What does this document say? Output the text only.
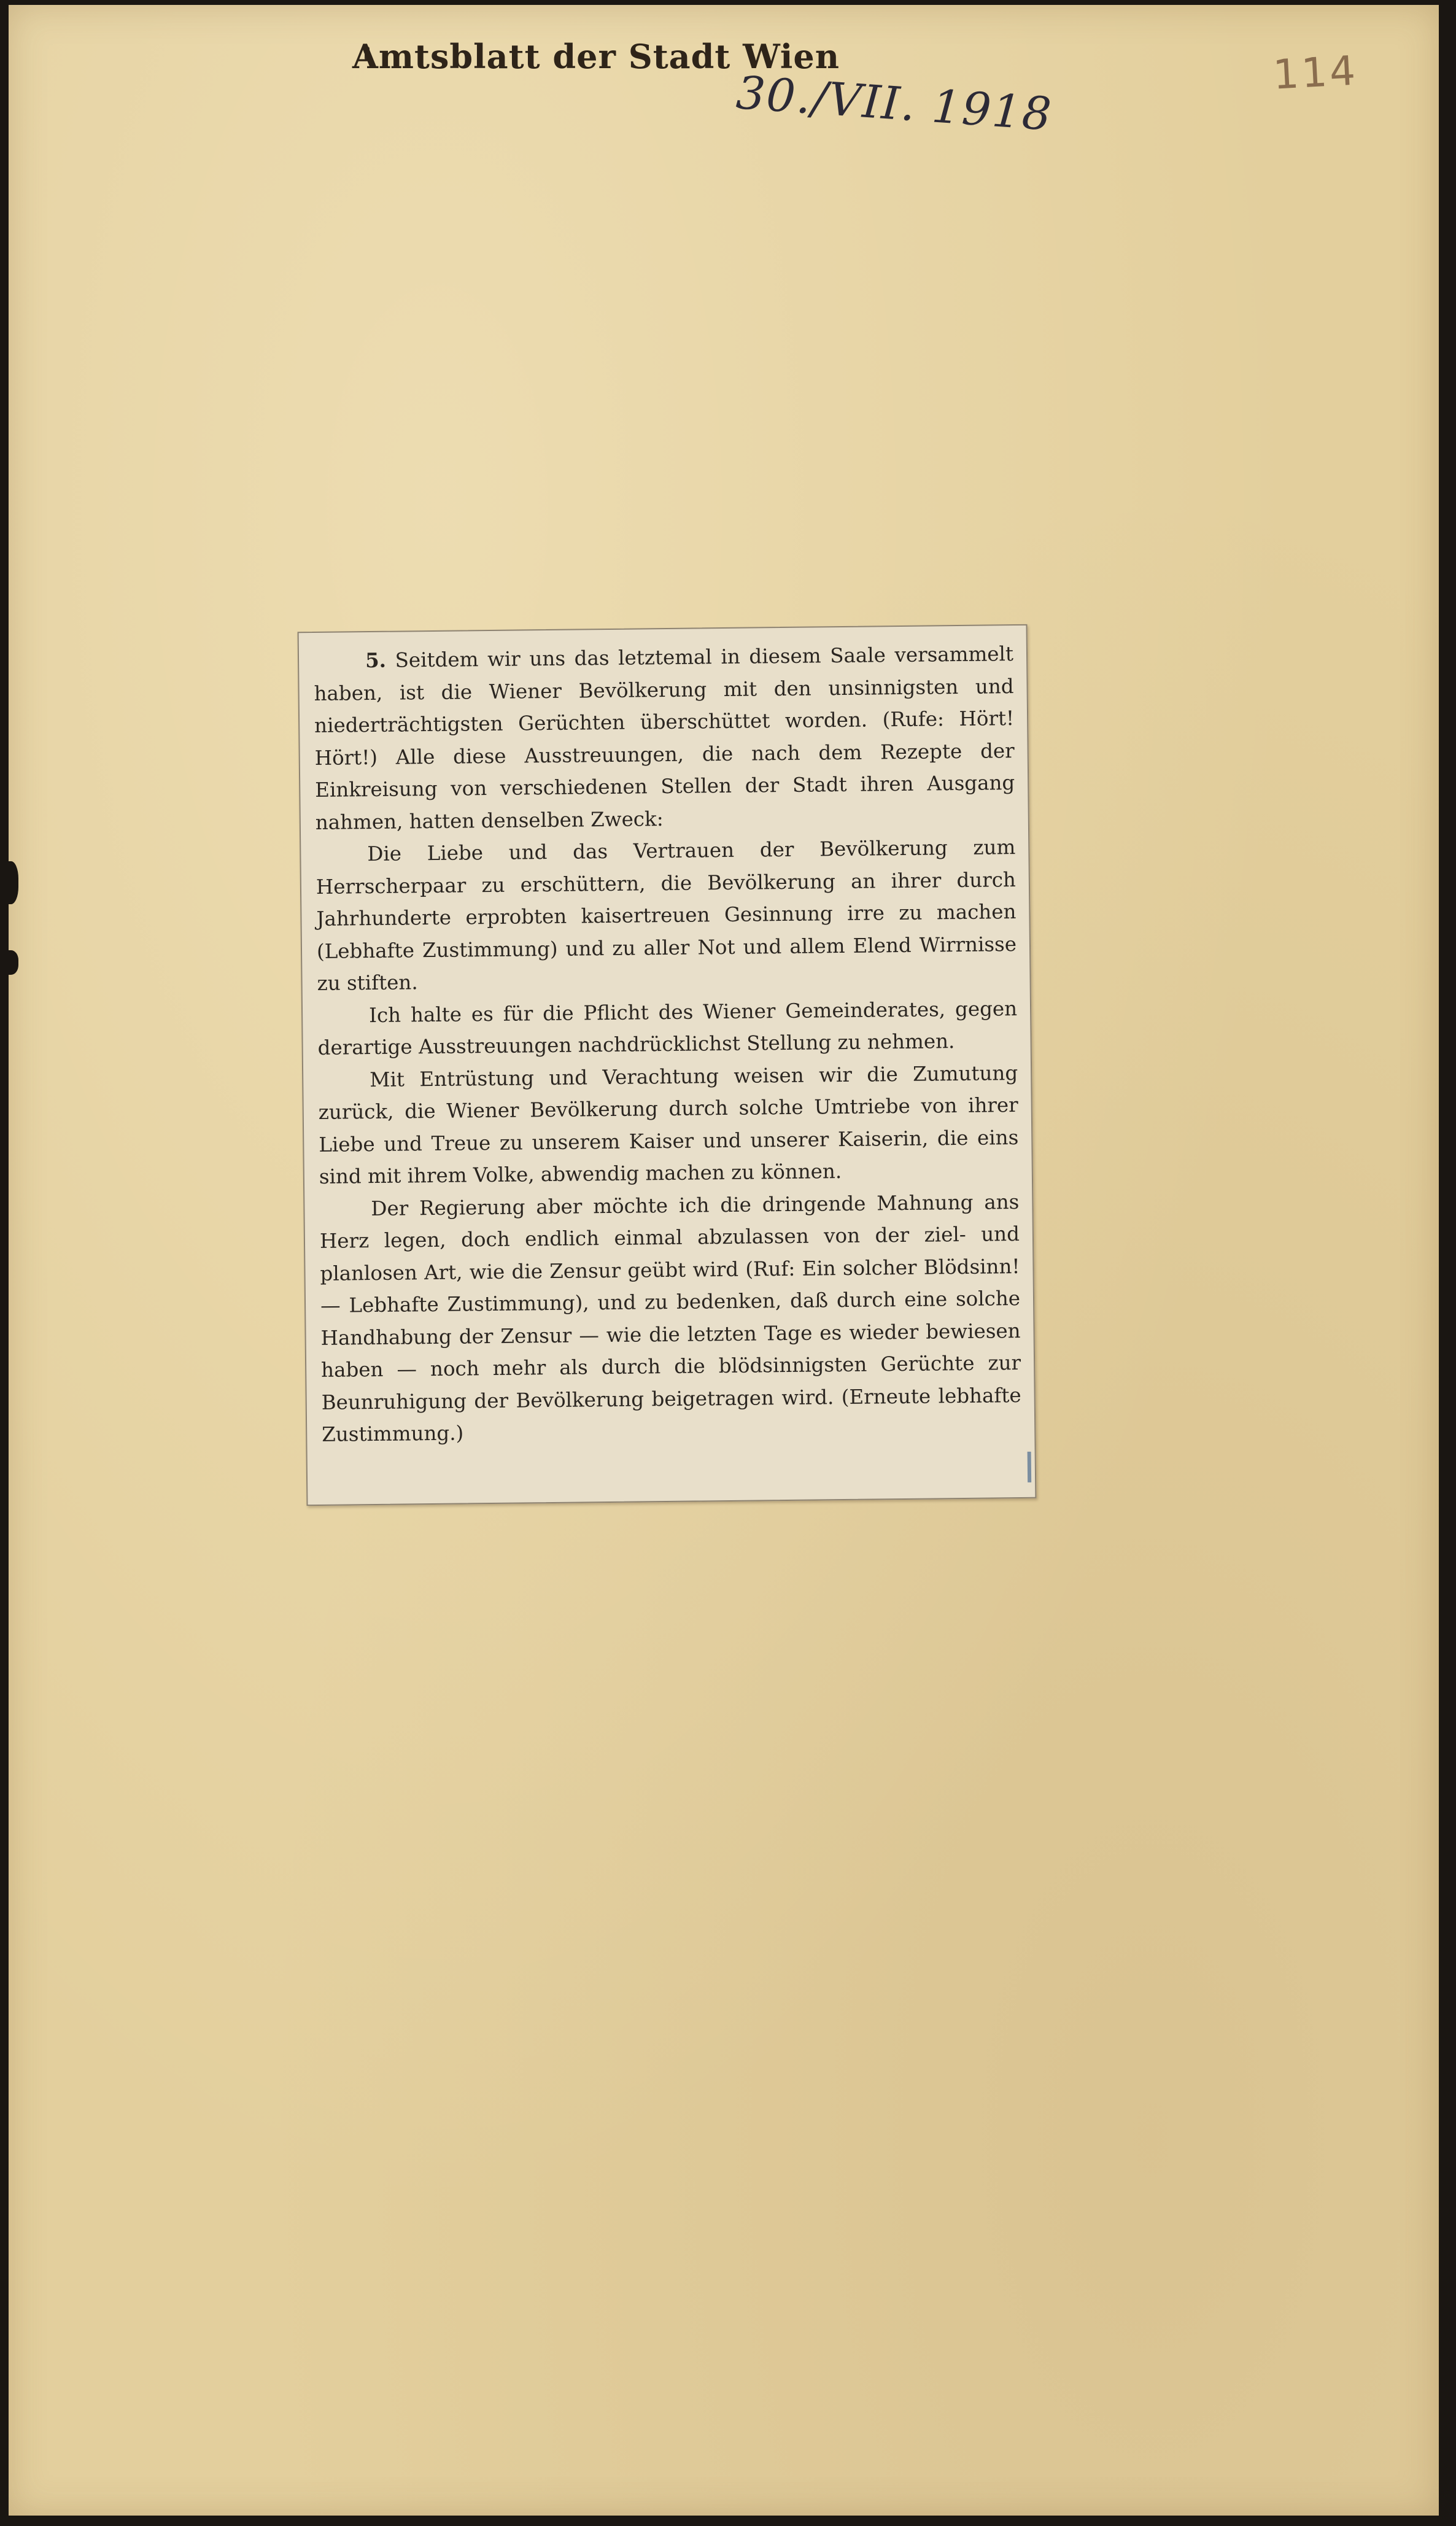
Amtsblatt der Stadt Wien
30./VII. 1918	114

5. Seitdem wir uns das letztemal in diesem Saale versammelt haben, ist die Wiener Bevölkerung mit den unsinnigsten und niederträchtigsten Gerüchten überschüttet worden. (Rufe: Hört! Hört!) Alle diese Ausstreuungen, die nach dem Rezepte der Einkreisung von verschiedenen Stellen der Stadt ihren Ausgang nahmen, hatten denselben Zweck:

Die Liebe und das Vertrauen der Bevölkerung zum Herrscherpaar zu erschüttern, die Bevölkerung an ihrer durch Jahrhunderte erprobten kaisertreuen Gesinnung irre zu machen (Lebhafte Zustimmung) und zu aller Not und allem Elend Wirrnisse zu stiften.

Ich halte es für die Pflicht des Wiener Gemeinderates, gegen derartige Ausstreuungen nachdrücklichst Stellung zu nehmen.

Mit Entrüstung und Verachtung weisen wir die Zumutung zurück, die Wiener Bevölkerung durch solche Umtriebe von ihrer Liebe und Treue zu unserem Kaiser und unserer Kaiserin, die eins sind mit ihrem Volke, abwendig machen zu können.

Der Regierung aber möchte ich die dringende Mahnung ans Herz legen, doch endlich einmal abzulassen von der ziel- und planlosen Art, wie die Zensur geübt wird (Ruf: Ein solcher Blödsinn! — Lebhafte Zustimmung), und zu bedenken, daß durch eine solche Handhabung der Zensur — wie die letzten Tage es wieder bewiesen haben — noch mehr als durch die blödsinnigsten Gerüchte zur Beunruhigung der Bevölkerung beigetragen wird. (Erneute lebhafte Zustimmung.)
